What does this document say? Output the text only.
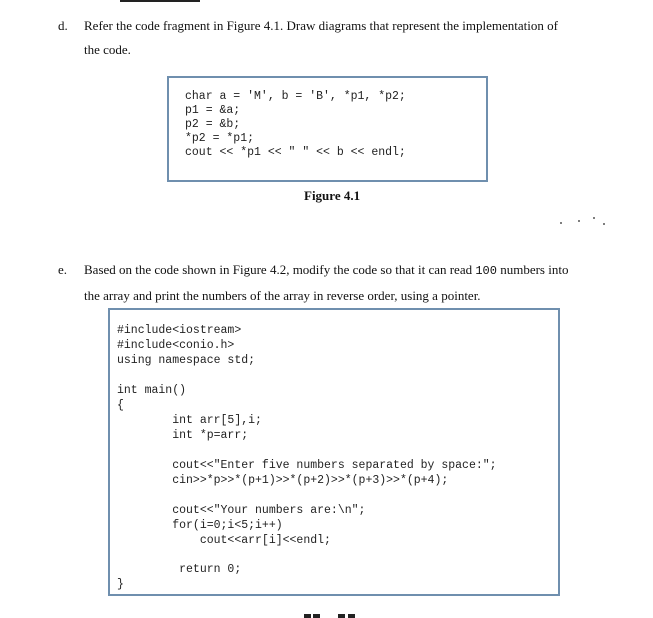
d. Refer the code fragment in Figure 4.1. Draw diagrams that represent the implementation of
the code.
char a = 'M', b = 'B', *p1, *p2;
p1 = &a;
p2 = &b;
*p2 = *p1;
cout << *p1 << " " << b << endl;
Figure 4.1
e. Based on the code shown in Figure 4.2, modify the code so that it can read 100 numbers into
the array and print the numbers of the array in reverse order, using a pointer.
#include<iostream>
#include<conio.h>
using namespace std;
int main()
{
int arr[5],i;
int *p=arr;
cout<<"Enter five numbers separated by space:";
cin>>*p>>*(p+1)>>*(p+2)>>*(p+3)>>*(p+4);
cout<<"Your numbers are:\n";
for(i=0;i<5;i++)
cout<<arr[i]<<endl;
return 0;
}
